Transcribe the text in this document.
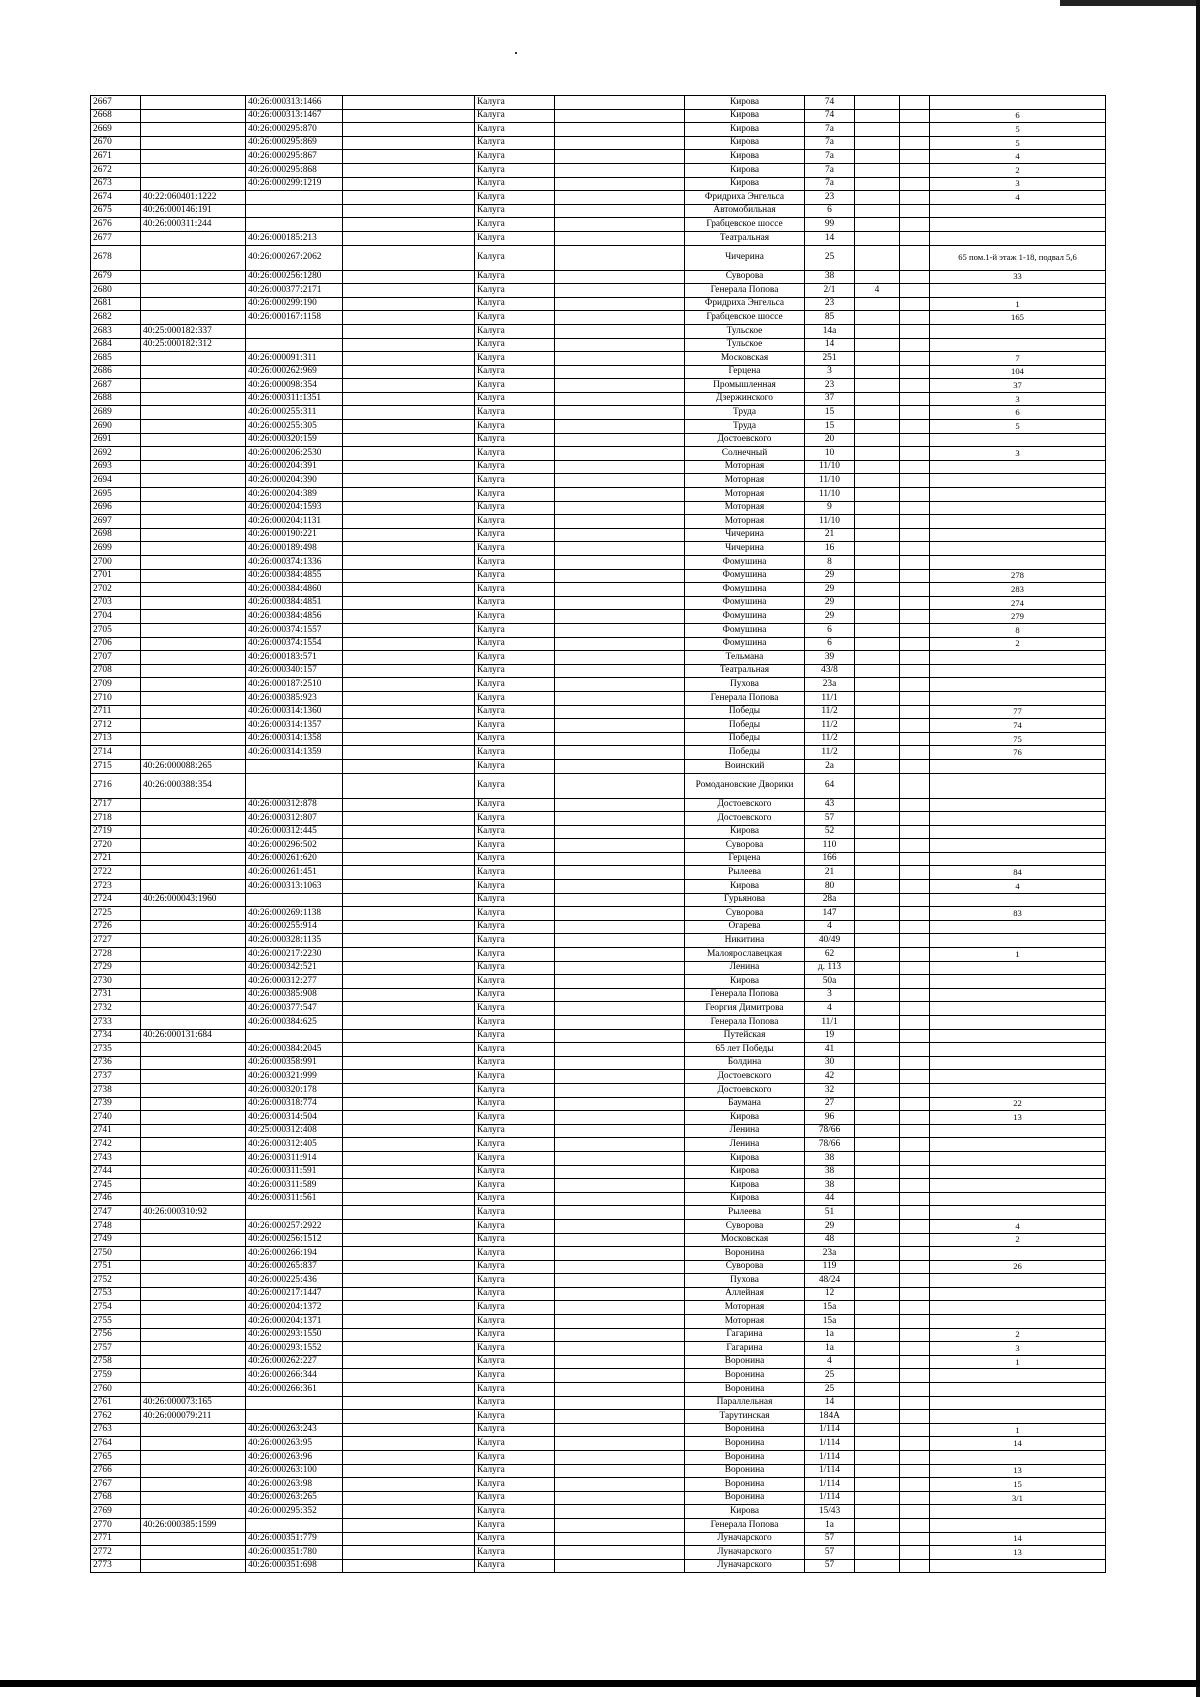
2667		40:26:000313:1466		Калуга		Кирова	74			
2668		40:26:000313:1467		Калуга		Кирова	74			6
2669		40:26:000295:870		Калуга		Кирова	7а			5
2670		40:26:000295:869		Калуга		Кирова	7а			5
2671		40:26:000295:867		Калуга		Кирова	7а			4
2672		40:26:000295:868		Калуга		Кирова	7а			2
2673		40:26:000299:1219		Калуга		Кирова	7а			3
2674	40:22:060401:1222			Калуга		Фридриха Энгельса	23			4
2675	40:26:000146:191			Калуга		Автомобильная	6			
2676	40:26:000311:244			Калуга		Грабцевское шоссе	99			
2677		40:26:000185:213		Калуга		Театральная	14			
2678		40:26:000267:2062		Калуга		Чичерина	25			65 пом.1-й этаж 1-18, подвал 5,6
2679		40:26:000256:1280		Калуга		Суворова	38			33
2680		40:26:000377:2171		Калуга		Генерала Попова	2/1	4		
2681		40:26:000299:190		Калуга		Фридриха Энгельса	23			1
2682		40:26:000167:1158		Калуга		Грабцевское шоссе	85			165
2683	40:25:000182:337			Калуга		Тульское	14а			
2684	40:25:000182:312			Калуга		Тульское	14			
2685		40:26:000091:311		Калуга		Московская	251			7
2686		40:26:000262:969		Калуга		Герцена	3			104
2687		40:26:000098:354		Калуга		Промышленная	23			37
2688		40:26:000311:1351		Калуга		Дзержинского	37			3
2689		40:26:000255:311		Калуга		Труда	15			6
2690		40:26:000255:305		Калуга		Труда	15			5
2691		40:26:000320:159		Калуга		Достоевского	20			
2692		40:26:000206:2530		Калуга		Солнечный	10			3
2693		40:26:000204:391		Калуга		Моторная	11/10			
2694		40:26:000204:390		Калуга		Моторная	11/10			
2695		40:26:000204:389		Калуга		Моторная	11/10			
2696		40:26:000204:1593		Калуга		Моторная	9			
2697		40:26:000204:1131		Калуга		Моторная	11/10			
2698		40:26:000190:221		Калуга		Чичерина	21			
2699		40:26:000189:498		Калуга		Чичерина	16			
2700		40:26:000374:1336		Калуга		Фомушина	8			
2701		40:26:000384:4855		Калуга		Фомушина	29			278
2702		40:26:000384:4860		Калуга		Фомушина	29			283
2703		40:26:000384:4851		Калуга		Фомушина	29			274
2704		40:26:000384:4856		Калуга		Фомушина	29			279
2705		40:26:000374:1557		Калуга		Фомушина	6			8
2706		40:26:000374:1554		Калуга		Фомушина	6			2
2707		40:26:000183:571		Калуга		Тельмана	39			
2708		40:26:000340:157		Калуга		Театральная	43/8			
2709		40:26:000187:2510		Калуга		Пухова	23а			
2710		40:26:000385:923		Калуга		Генерала Попова	11/1			
2711		40:26:000314:1360		Калуга		Победы	11/2			77
2712		40:26:000314:1357		Калуга		Победы	11/2			74
2713		40:26:000314:1358		Калуга		Победы	11/2			75
2714		40:26:000314:1359		Калуга		Победы	11/2			76
2715	40:26:000088:265			Калуга		Воинский	2а			
2716	40:26:000388:354			Калуга		Ромодановские Дворики	64			
2717		40:26:000312:878		Калуга		Достоевского	43			
2718		40:26:000312:807		Калуга		Достоевского	57			
2719		40:26:000312:445		Калуга		Кирова	52			
2720		40:26:000296:502		Калуга		Суворова	110			
2721		40:26:000261:620		Калуга		Герцена	166			
2722		40:26:000261:451		Калуга		Рылеева	21			84
2723		40:26:000313:1063		Калуга		Кирова	80			4
2724	40:26:000043:1960			Калуга		Гурьянова	28а			
2725		40:26:000269:1138		Калуга		Суворова	147			83
2726		40:26:000255:914		Калуга		Огарева	4			
2727		40:26:000328:1135		Калуга		Никитина	40/49			
2728		40:26:000217:2230		Калуга		Малоярославецкая	62			1
2729		40:26:000342:521		Калуга		Ленина	д. 113			
2730		40:26:000312:277		Калуга		Кирова	50а			
2731		40:26:000385:908		Калуга		Генерала Попова	3			
2732		40:26:000377:547		Калуга		Георгия Димитрова	4			
2733		40:26:000384:625		Калуга		Генерала Попова	11/1			
2734	40:26:000131:684			Калуга		Путейская	19			
2735		40:26:000384:2045		Калуга		65 лет Победы	41			
2736		40:26:000358:991		Калуга		Болдина	30			
2737		40:26:000321:999		Калуга		Достоевского	42			
2738		40:26:000320:178		Калуга		Достоевского	32			
2739		40:26:000318:774		Калуга		Баумана	27			22
2740		40:26:000314:504		Калуга		Кирова	96			13
2741		40:25:000312:408		Калуга		Ленина	78/66			
2742		40:26:000312:405		Калуга		Ленина	78/66			
2743		40:26:000311:914		Калуга		Кирова	38			
2744		40:26:000311:591		Калуга		Кирова	38			
2745		40:26:000311:589		Калуга		Кирова	38			
2746		40:26:000311:561		Калуга		Кирова	44			
2747	40:26:000310:92			Калуга		Рылеева	51			
2748		40:26:000257:2922		Калуга		Суворова	29			4
2749		40:26:000256:1512		Калуга		Московская	48			2
2750		40:26:000266:194		Калуга		Воронина	23а			
2751		40:26:000265:837		Калуга		Суворова	119			26
2752		40:26:000225:436		Калуга		Пухова	48/24			
2753		40:26:000217:1447		Калуга		Аллейная	12			
2754		40:26:000204:1372		Калуга		Моторная	15а			
2755		40:26:000204:1371		Калуга		Моторная	15а			
2756		40:26:000293:1550		Калуга		Гагарина	1а			2
2757		40:26:000293:1552		Калуга		Гагарина	1а			3
2758		40:26:000262:227		Калуга		Воронина	4			1
2759		40:26:000266:344		Калуга		Воронина	25			
2760		40:26:000266:361		Калуга		Воронина	25			
2761	40:26:000073:165			Калуга		Параллельная	14			
2762	40:26:000079:211			Калуга		Тарутинская	184А			
2763		40:26:000263:243		Калуга		Воронина	1/114			1
2764		40:26:000263:95		Калуга		Воронина	1/114			14
2765		40:26:000263:96		Калуга		Воронина	1/114			
2766		40:26:000263:100		Калуга		Воронина	1/114			13
2767		40:26:000263:98		Калуга		Воронина	1/114			15
2768		40:26:000263:265		Калуга		Воронина	1/114			3/1
2769		40:26:000295:352		Калуга		Кирова	15/43			
2770	40:26:000385:1599			Калуга		Генерала Попова	1а			
2771		40:26:000351:779		Калуга		Луначарского	57			14
2772		40:26:000351:780		Калуга		Луначарского	57			13
2773		40:26:000351:698		Калуга		Луначарского	57			
